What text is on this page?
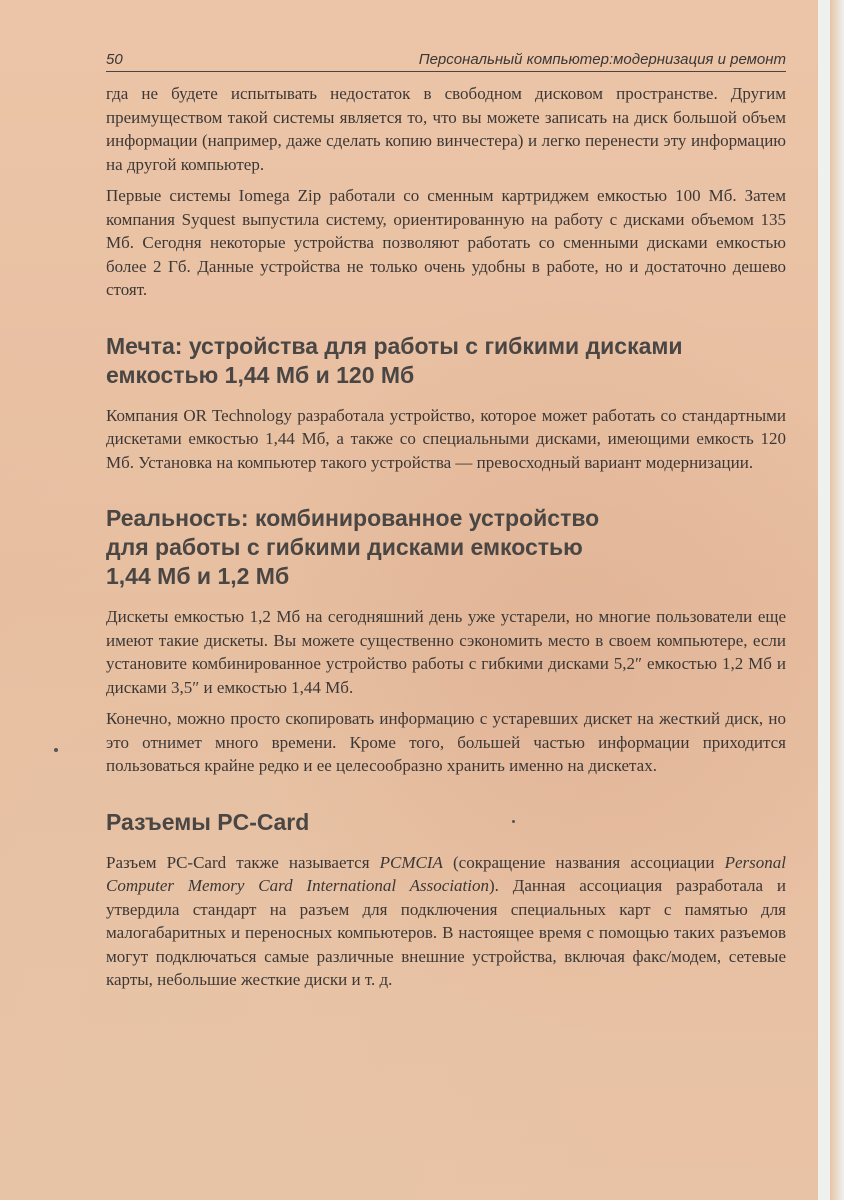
50	Персональный компьютер:модернизация и ремонт

гда не будете испытывать недостаток в свободном дисковом пространстве. Другим преимуществом такой системы является то, что вы можете записать на диск большой объем информации (например, даже сделать копию винчестера) и легко перенести эту информацию на другой компьютер.

Первые системы Iomega Zip работали со сменным картриджем емкостью 100 Мб. Затем компания Syquest выпустила систему, ориентированную на работу с дисками объемом 135 Мб. Сегодня некоторые устройства позволяют работать со сменными дисками емкостью более 2 Гб. Данные устройства не только очень удобны в работе, но и достаточно дешево стоят.

Мечта: устройства для работы с гибкими дисками
емкостью 1,44 Мб и 120 Мб

Компания OR Technology разработала устройство, которое может работать со стандартными дискетами емкостью 1,44 Мб, а также со специальными дисками, имеющими емкость 120 Мб. Установка на компьютер такого устройства — превосходный вариант модернизации.

Реальность: комбинированное устройство
для работы с гибкими дисками емкостью
1,44 Мб и 1,2 Мб

Дискеты емкостью 1,2 Мб на сегодняшний день уже устарели, но многие пользователи еще имеют такие дискеты. Вы можете существенно сэкономить место в своем компьютере, если установите комбинированное устройство работы с гибкими дисками 5,2″ емкостью 1,2 Мб и дисками 3,5″ и емкостью 1,44 Мб.

Конечно, можно просто скопировать информацию с устаревших дискет на жесткий диск, но это отнимет много времени. Кроме того, большей частью информации приходится пользоваться крайне редко и ее целесообразно хранить именно на дискетах.

Разъемы PC-Card

Разъем PC-Card также называется PCMCIA (сокращение названия ассоциации Personal Computer Memory Card International Association). Данная ассоциация разработала и утвердила стандарт на разъем для подключения специальных карт с памятью для малогабаритных и переносных компьютеров. В настоящее время с помощью таких разъемов могут подключаться самые различные внешние устройства, включая факс/модем, сетевые карты, небольшие жесткие диски и т. д.
